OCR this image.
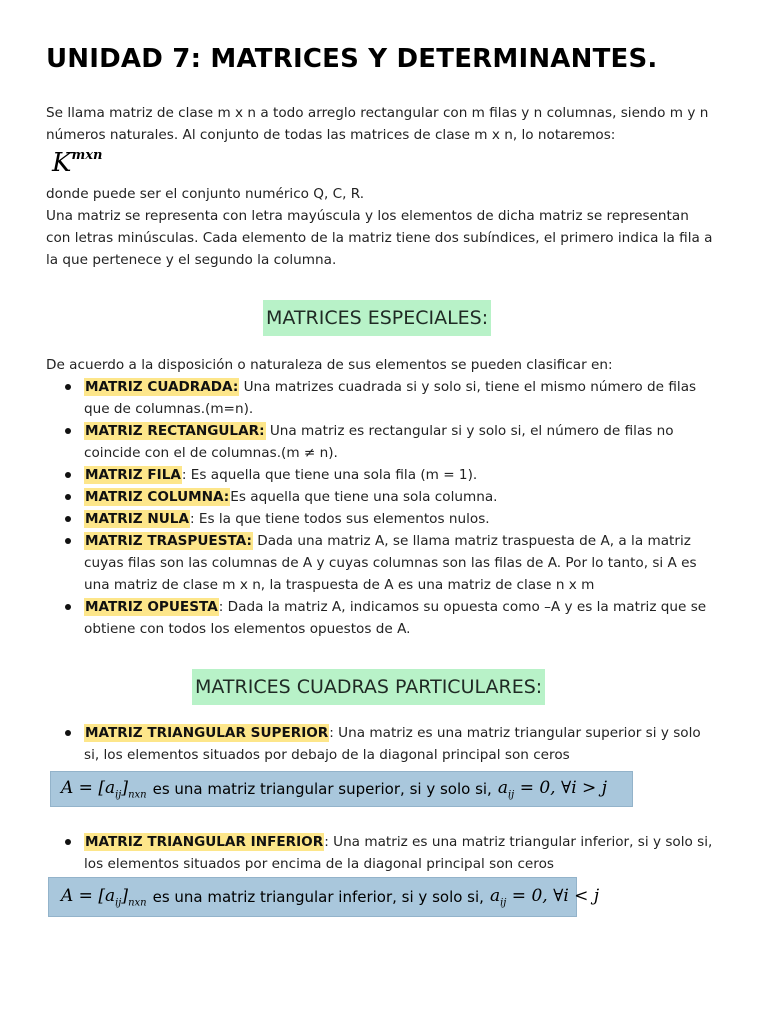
UNIDAD 7: MATRICES Y DETERMINANTES.

Se llama matriz de clase m x n a todo arreglo rectangular con m filas y n columnas, siendo m y n números naturales. Al conjunto de todas las matrices de clase m x n, lo notaremos:

$K^{mxn}$

donde puede ser el conjunto numérico Q, C, R.

Una matriz se representa con letra mayúscula y los elementos de dicha matriz se representan con letras minúsculas. Cada elemento de la matriz tiene dos subíndices, el primero indica la fila a la que pertenece y el segundo la columna.

MATRICES ESPECIALES:

De acuerdo a la disposición o naturaleza de sus elementos se pueden clasificar en:

MATRIZ CUADRADA: Una matrizes cuadrada si y solo si, tiene el mismo número de filas que de columnas.(m=n).
MATRIZ RECTANGULAR: Una matriz es rectangular si y solo si, el número de filas no coincide con el de columnas.(m ≠ n).
MATRIZ FILA: Es aquella que tiene una sola fila (m = 1).
MATRIZ COLUMNA:Es aquella que tiene una sola columna.
MATRIZ NULA: Es la que tiene todos sus elementos nulos.
MATRIZ TRASPUESTA: Dada una matriz A, se llama matriz traspuesta de A, a la matriz cuyas filas son las columnas de A y cuyas columnas son las filas de A. Por lo tanto, si A es una matriz de clase m x n, la traspuesta de A es una matriz de clase n x m
MATRIZ OPUESTA: Dada la matriz A, indicamos su opuesta como –A y es la matriz que se obtiene con todos los elementos opuestos de A.
MATRICES CUADRAS PARTICULARES:
MATRIZ TRIANGULAR SUPERIOR: Una matriz es una matriz triangular superior si y solo si, los elementos situados por debajo de la diagonal principal son ceros
$A = [a_{ij}]_{nxn}$ es una matriz triangular superior, si y solo si, $a_{ij} = 0$, ∀i > j
MATRIZ TRIANGULAR INFERIOR: Una matriz es una matriz triangular inferior, si y solo si, los elementos situados por encima de la diagonal principal son ceros
$A = [a_{ij}]_{nxn}$ es una matriz triangular inferior, si y solo si, $a_{ij} = 0$, ∀i < j
